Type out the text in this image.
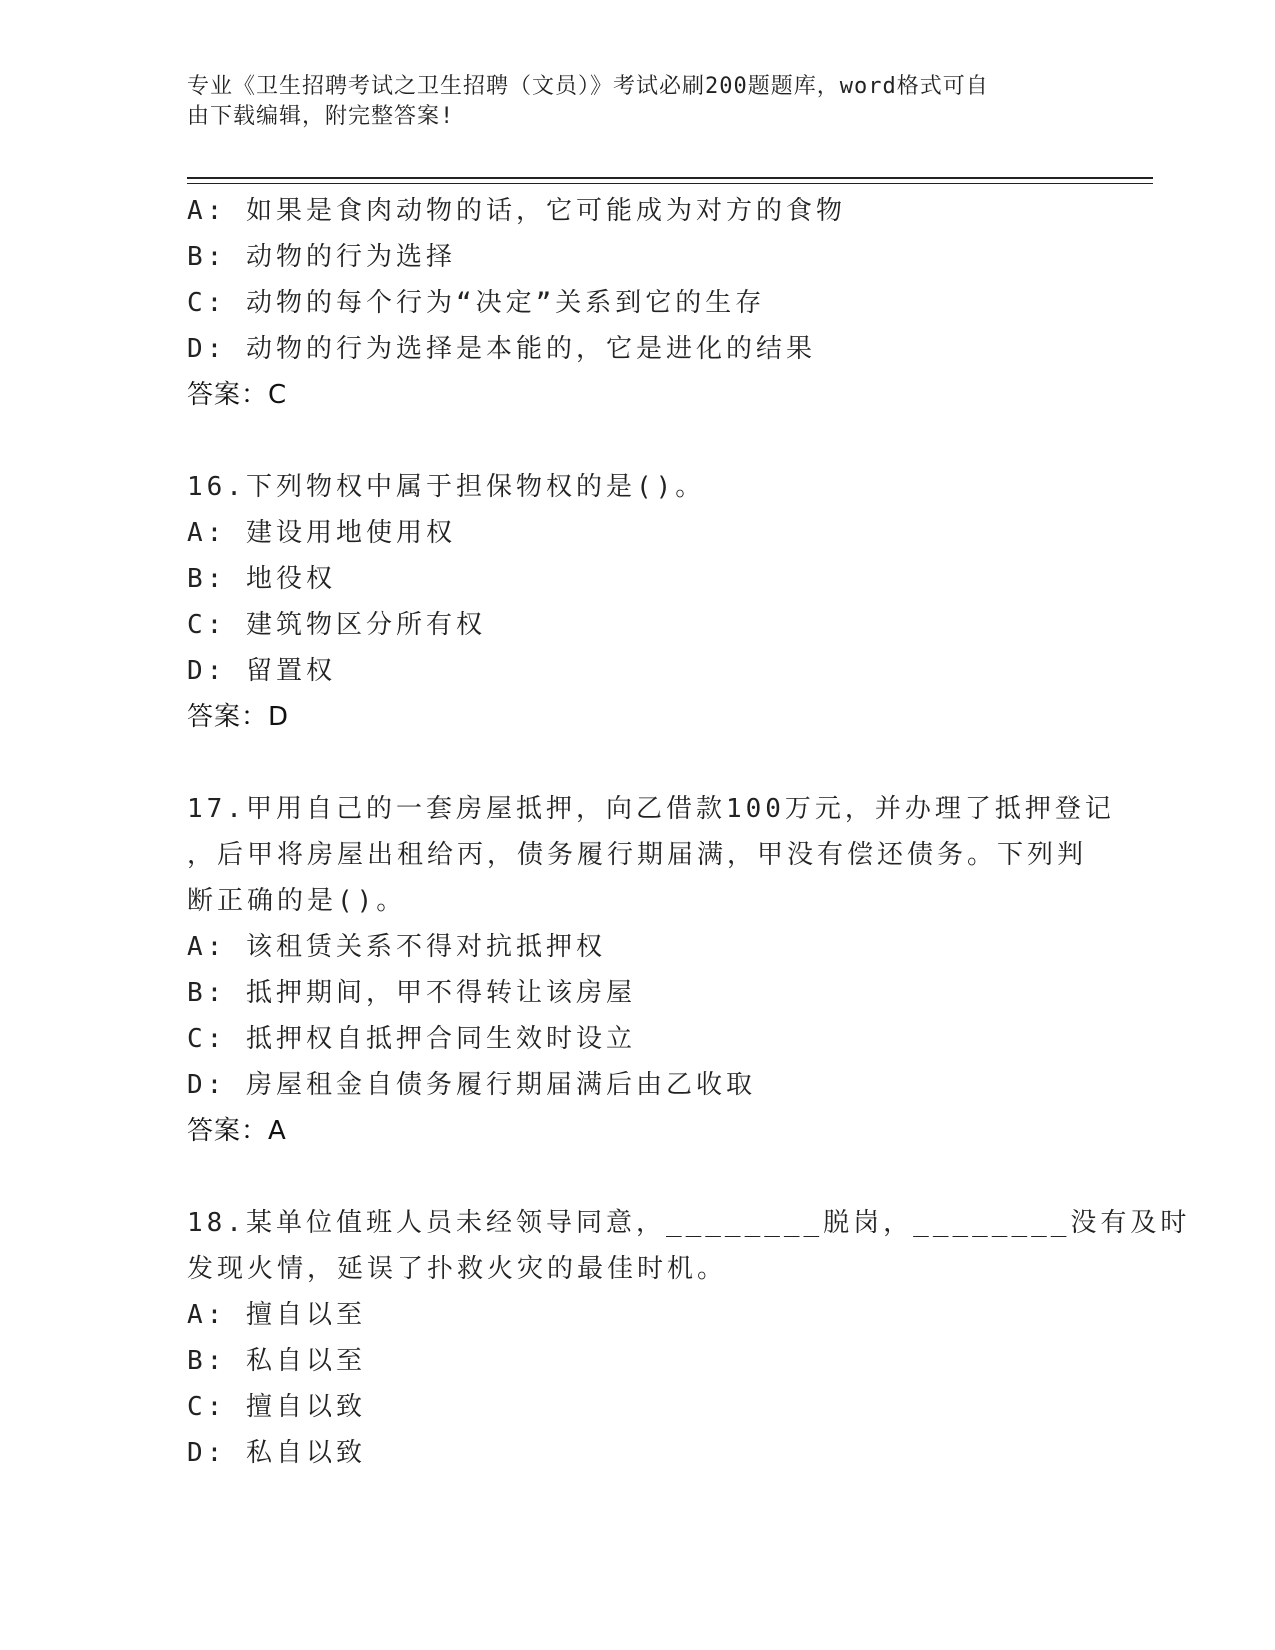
专业《卫生招聘考试之卫生招聘（文员）》考试必刷200题题库，word格式可自
由下载编辑，附完整答案!
A: 如果是食肉动物的话，它可能成为对方的食物
B: 动物的行为选择
C: 动物的每个行为“决定”关系到它的生存
D: 动物的行为选择是本能的，它是进化的结果
答案：C
16.下列物权中属于担保物权的是()。
A: 建设用地使用权
B: 地役权
C: 建筑物区分所有权
D: 留置权
答案：D
17.甲用自己的一套房屋抵押，向乙借款100万元，并办理了抵押登记
，后甲将房屋出租给丙，债务履行期届满，甲没有偿还债务。下列判
断正确的是()。
A: 该租赁关系不得对抗抵押权
B: 抵押期间，甲不得转让该房屋
C: 抵押权自抵押合同生效时设立
D: 房屋租金自债务履行期届满后由乙收取
答案：A
18.某单位值班人员未经领导同意，________脱岗，________没有及时
发现火情，延误了扑救火灾的最佳时机。
A: 擅自以至
B: 私自以至
C: 擅自以致
D: 私自以致
